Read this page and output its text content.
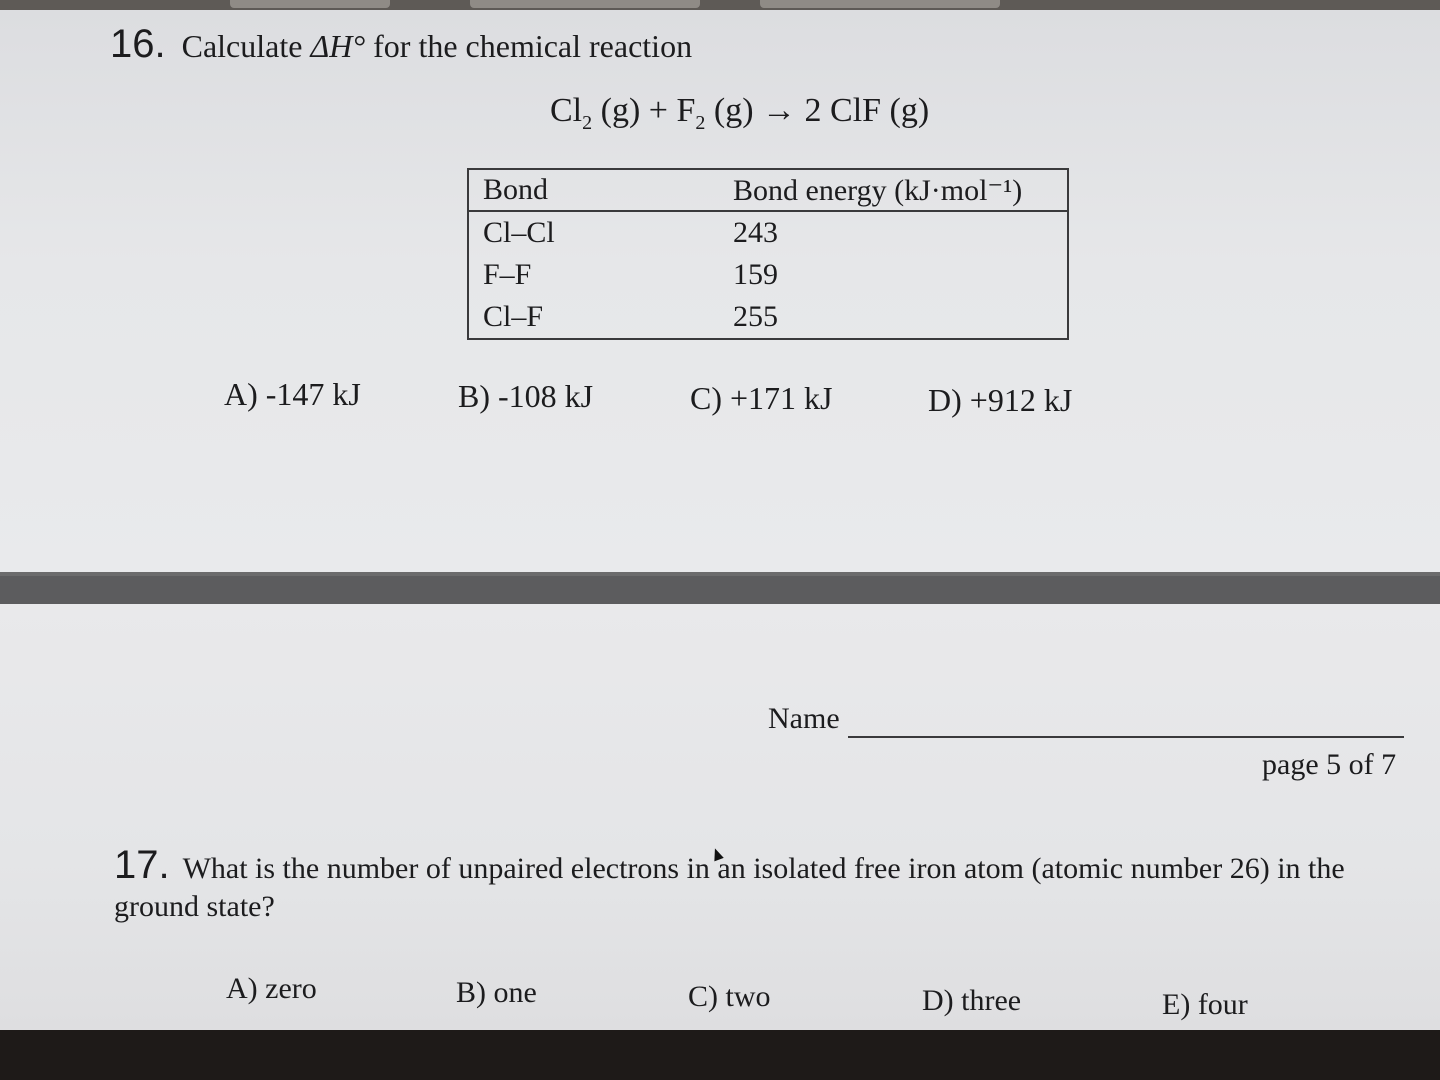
16. Calculate ΔH° for the chemical reaction
$Cl_2$ $(g) + F_2$ (g) → 2 ClF (g)
Bond	Bond energy (kJ·mol⁻¹)
Cl–Cl	243
F–F	159
Cl–F	255
A) -147 kJ	B) -108 kJ	C) +171 kJ	D) +912 kJ
Name
page 5 of 7
17. What is the number of unpaired electrons in an isolated free iron atom (atomic number 26) in the ground state?
A) zero	B) one	C) two	D) three	E) four
